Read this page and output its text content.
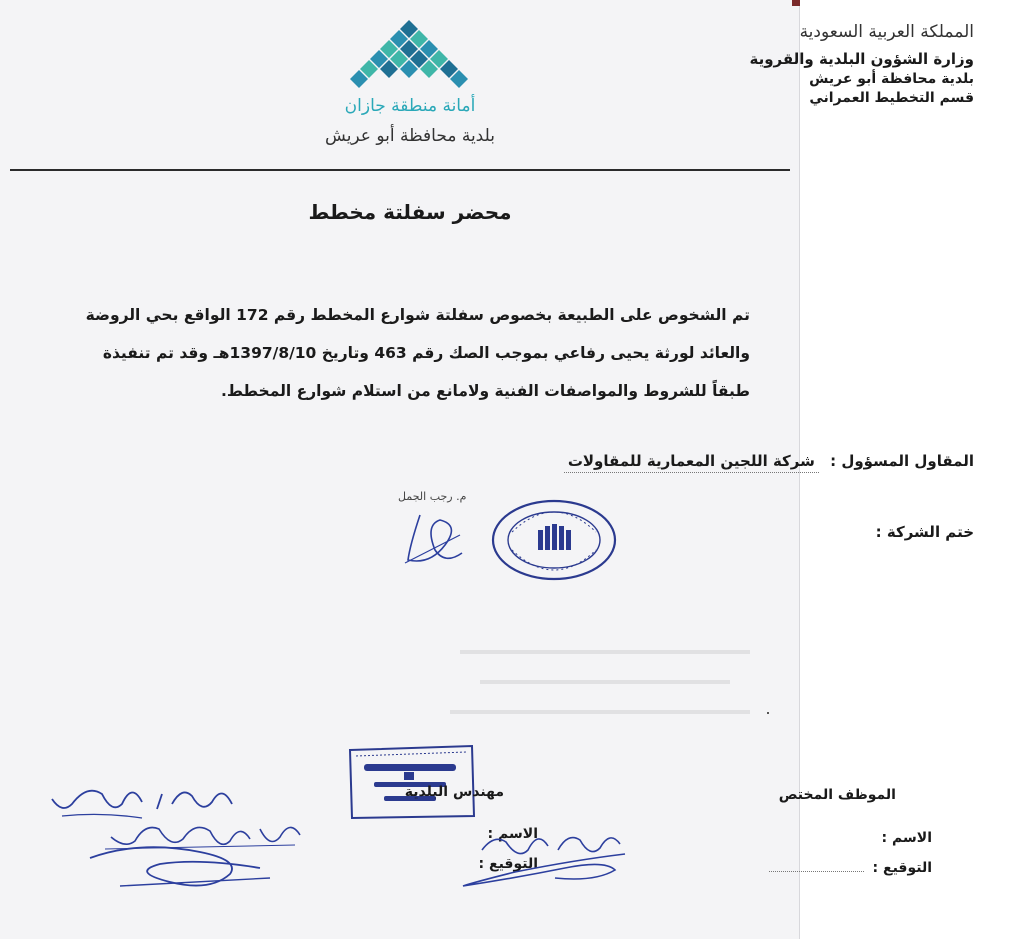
المملكة العربية السعودية
وزارة الشؤون البلدية والقروية
بلدية محافظة أبو عريش
قسم التخطيط العمراني
أمانة منطقة جازان
بلدية محافظة أبو عريش
محضر سفلتة مخطط
تم الشخوص على الطبيعة بخصوص سفلتة شوارع المخطط رقم 172 الواقع بحي الروضة
والعائد لورثة يحيى رفاعي بموجب الصك رقم 463 وتاريخ 1397/8/10هـ وقد تم تنفيذة
طبقاً للشروط والمواصفات الفنية ولامانع من استلام شوارع المخطط.
المقاول المسؤول : شركة اللجين المعمارية للمقاولات
م. رجب الجمل
ختم الشركة :
الموظف المختص
الاسم :
التوقيع :
مهندس البلدية
الاسم :
التوقيع :
